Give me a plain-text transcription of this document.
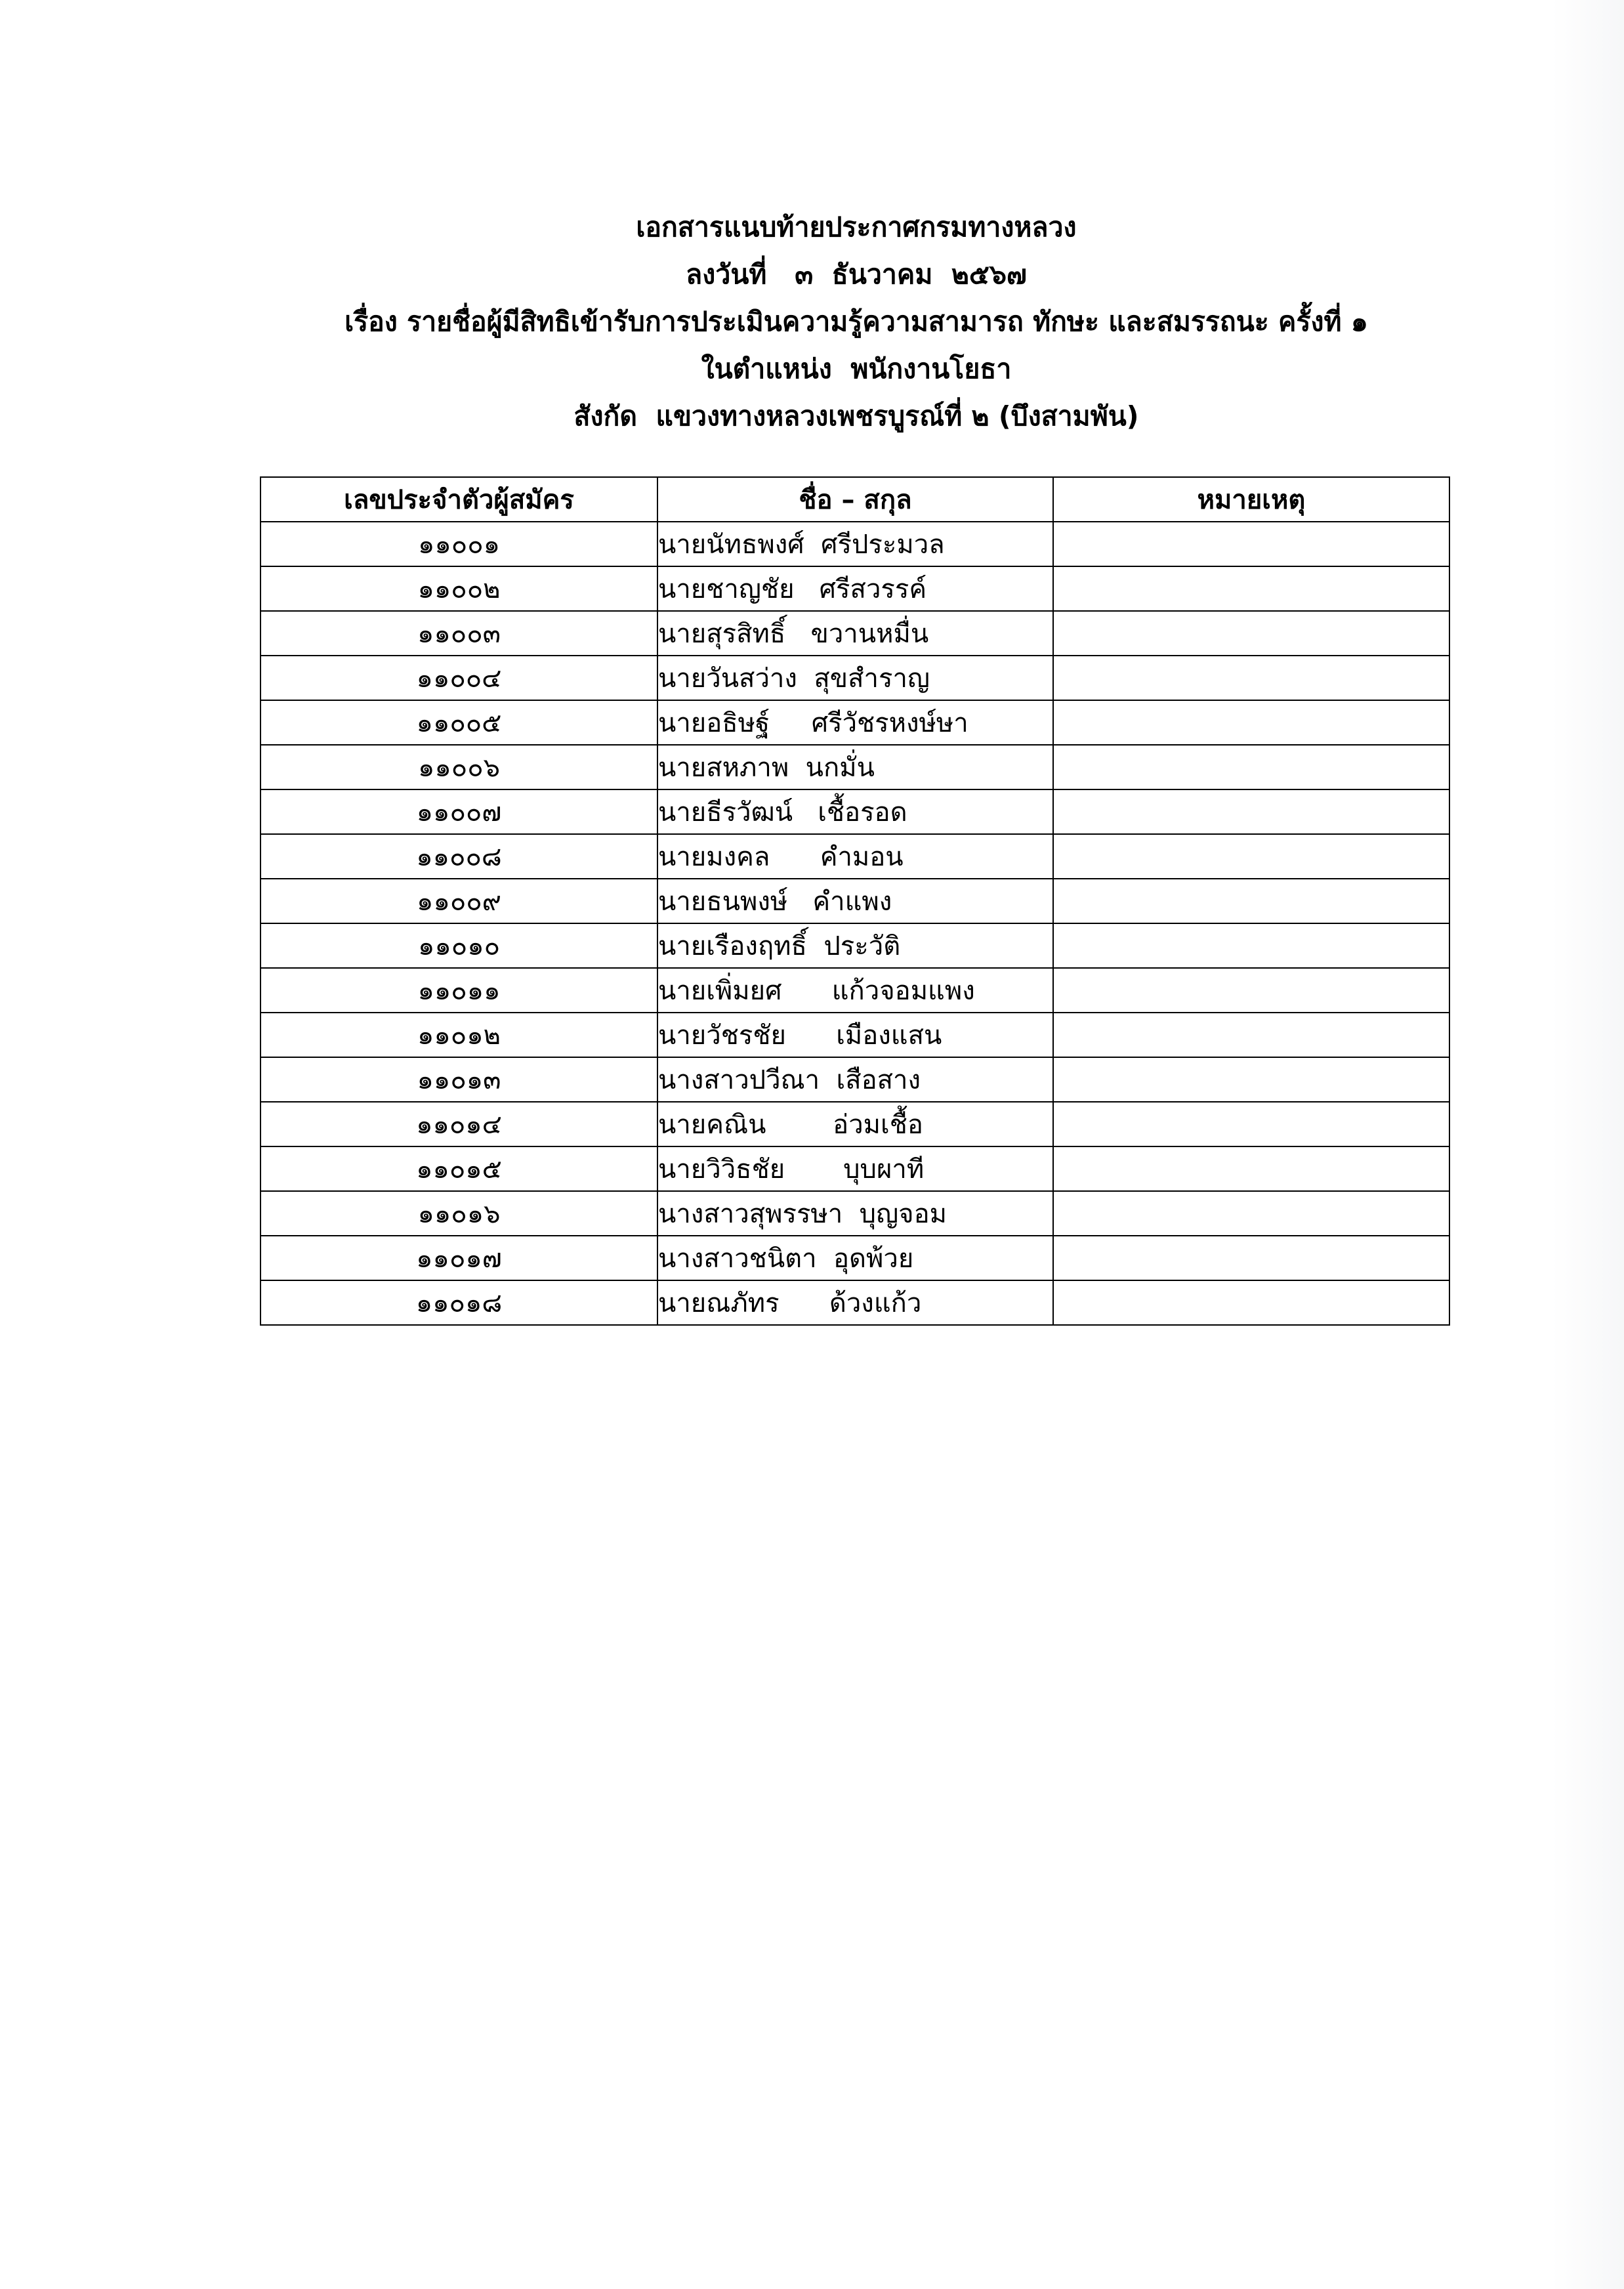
เอกสารแนบท้ายประกาศกรมทางหลวง
ลงวันที่   ๓  ธันวาคม  ๒๕๖๗
เรื่อง รายชื่อผู้มีสิทธิเข้ารับการประเมินความรู้ความสามารถ ทักษะ และสมรรถนะ ครั้งที่ ๑
ในตำแหน่ง  พนักงานโยธา
สังกัด  แขวงทางหลวงเพชรบูรณ์ที่ ๒ (บึงสามพัน)
เลขประจำตัวผู้สมัคร	ชื่อ – สกุล	หมายเหตุ
๑๑๐๐๑	นายนัทธพงศ์  ศรีประมวล	
๑๑๐๐๒	นายชาญชัย   ศรีสวรรค์	
๑๑๐๐๓	นายสุรสิทธิ์   ขวานหมื่น	
๑๑๐๐๔	นายวันสว่าง  สุขสำราญ	
๑๑๐๐๕	นายอธิษฐ์     ศรีวัชรหงษ์ษา	
๑๑๐๐๖	นายสหภาพ  นกมั่น	
๑๑๐๐๗	นายธีรวัฒน์   เชื้อรอด	
๑๑๐๐๘	นายมงคล      คำมอน	
๑๑๐๐๙	นายธนพงษ์   คำแพง	
๑๑๐๑๐	นายเรืองฤทธิ์  ประวัติ	
๑๑๐๑๑	นายเพิ่มยศ      แก้วจอมแพง	
๑๑๐๑๒	นายวัชรชัย      เมืองแสน	
๑๑๐๑๓	นางสาวปวีณา  เสือสาง	
๑๑๐๑๔	นายคณิน        อ่วมเชื้อ	
๑๑๐๑๕	นายวิวิธชัย       บุบผาที	
๑๑๐๑๖	นางสาวสุพรรษา  บุญจอม	
๑๑๐๑๗	นางสาวชนิตา  อุดพ้วย	
๑๑๐๑๘	นายณภัทร      ด้วงแก้ว	
